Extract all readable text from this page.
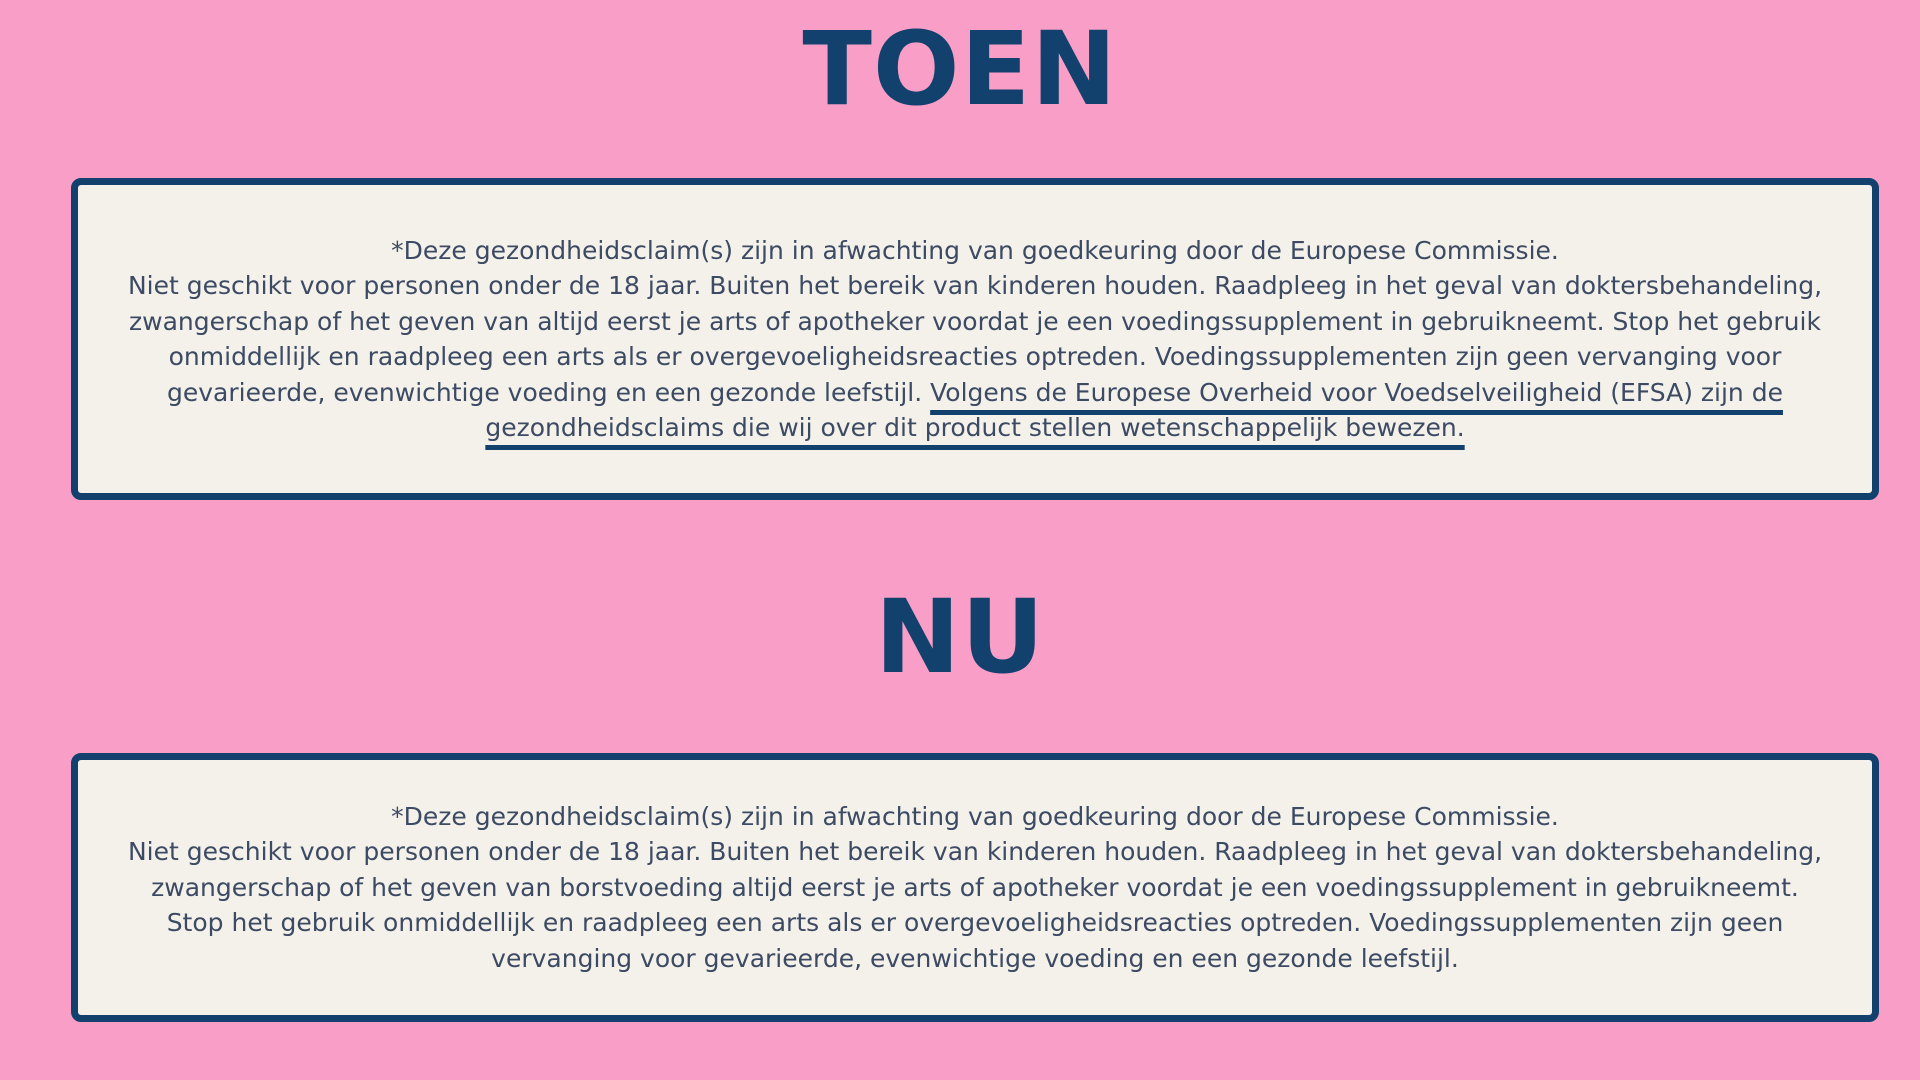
TOEN

*Deze gezondheidsclaim(s) zijn in afwachting van goedkeuring door de Europese Commissie.
Niet geschikt voor personen onder de 18 jaar. Buiten het bereik van kinderen houden. Raadpleeg in het geval van doktersbehandeling, zwangerschap of het geven van altijd eerst je arts of apotheker voordat je een voedingssupplement in gebruikneemt. Stop het gebruik onmiddellijk en raadpleeg een arts als er overgevoeligheidsreacties optreden. Voedingssupplementen zijn geen vervanging voor gevarieerde, evenwichtige voeding en een gezonde leefstijl. Volgens de Europese Overheid voor Voedselveiligheid (EFSA) zijn de gezondheidsclaims die wij over dit product stellen wetenschappelijk bewezen.

NU

*Deze gezondheidsclaim(s) zijn in afwachting van goedkeuring door de Europese Commissie.
Niet geschikt voor personen onder de 18 jaar. Buiten het bereik van kinderen houden. Raadpleeg in het geval van doktersbehandeling, zwangerschap of het geven van borstvoeding altijd eerst je arts of apotheker voordat je een voedingssupplement in gebruikneemt. Stop het gebruik onmiddellijk en raadpleeg een arts als er overgevoeligheidsreacties optreden. Voedingssupplementen zijn geen vervanging voor gevarieerde, evenwichtige voeding en een gezonde leefstijl.
